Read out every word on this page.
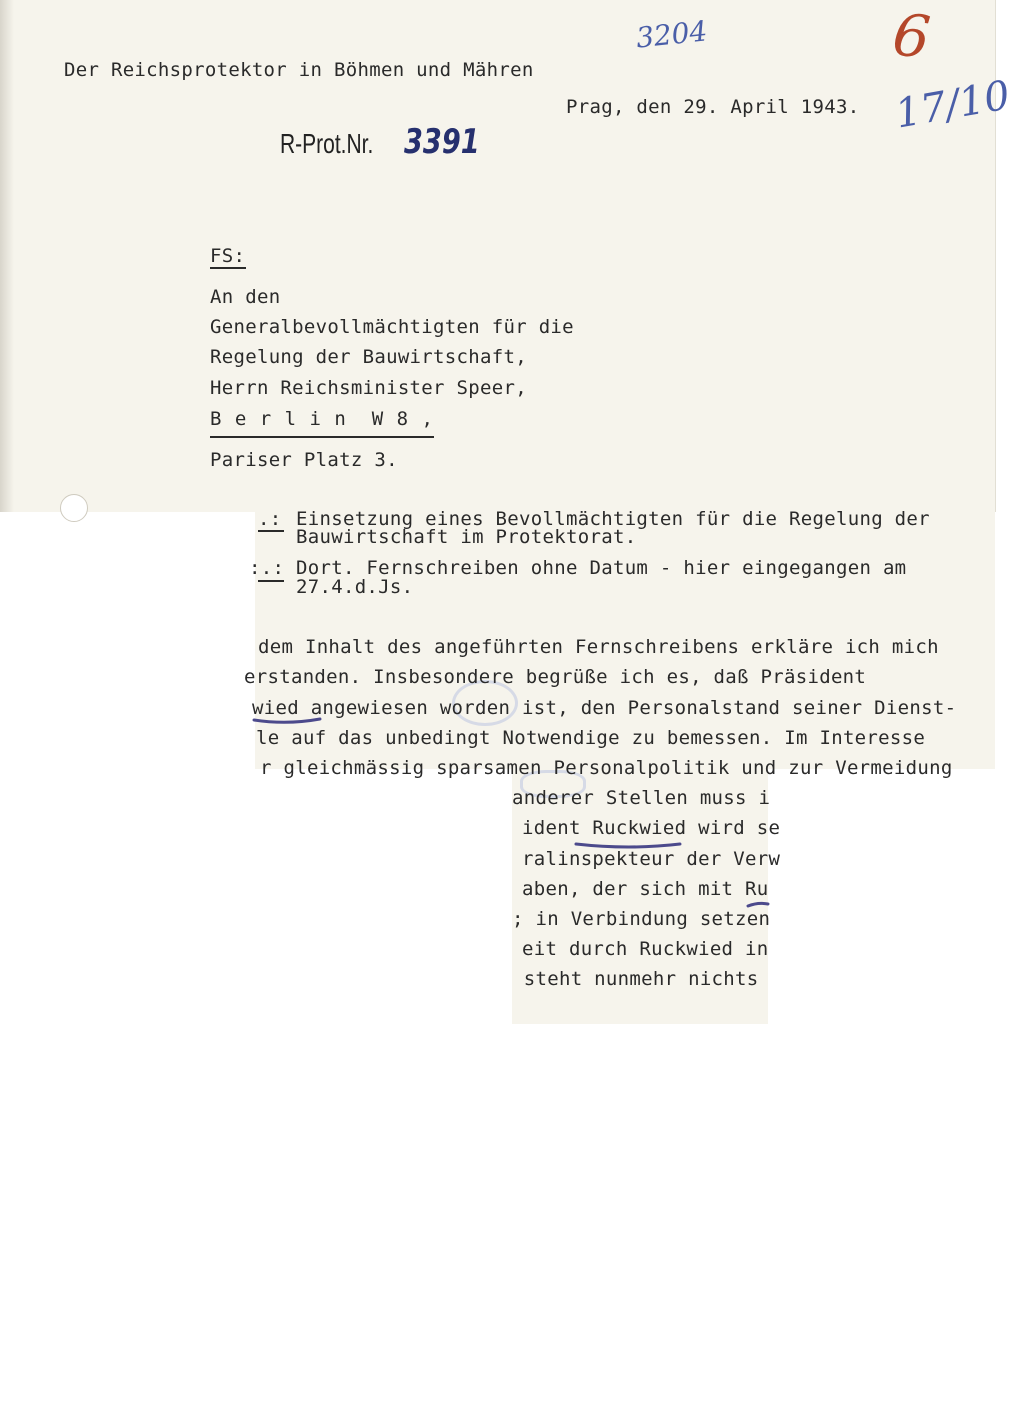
Der Reichsprotektor in Böhmen und Mähren
Prag, den 29. April 1943.
3204	6
17/10
R-Prot.Nr. 3391
FS:
An den
Generalbevollmächtigten für die
Regelung der Bauwirtschaft,
Herrn Reichsminister Speer,
B e r l i n  W 8 ,
Pariser Platz 3.
.: Einsetzung eines Bevollmächtigten für die Regelung der
Bauwirtschaft im Protektorat.
:.: Dort. Fernschreiben ohne Datum - hier eingegangen am
27.4.d.Js.
dem Inhalt des angeführten Fernschreibens erkläre ich mich
erstanden. Insbesondere begrüße ich es, daß Präsident
wied angewiesen worden ist, den Personalstand seiner Dienst-
le auf das unbedingt Notwendige zu bemessen. Im Interesse
r gleichmässig sparsamen Personalpolitik und zur Vermeidung
anderer Stellen muss i
ident Ruckwied wird se
ralinspekteur der Verw
aben, der sich mit Ru
; in Verbindung setzen
eit durch Ruckwied in
steht nunmehr nichts
